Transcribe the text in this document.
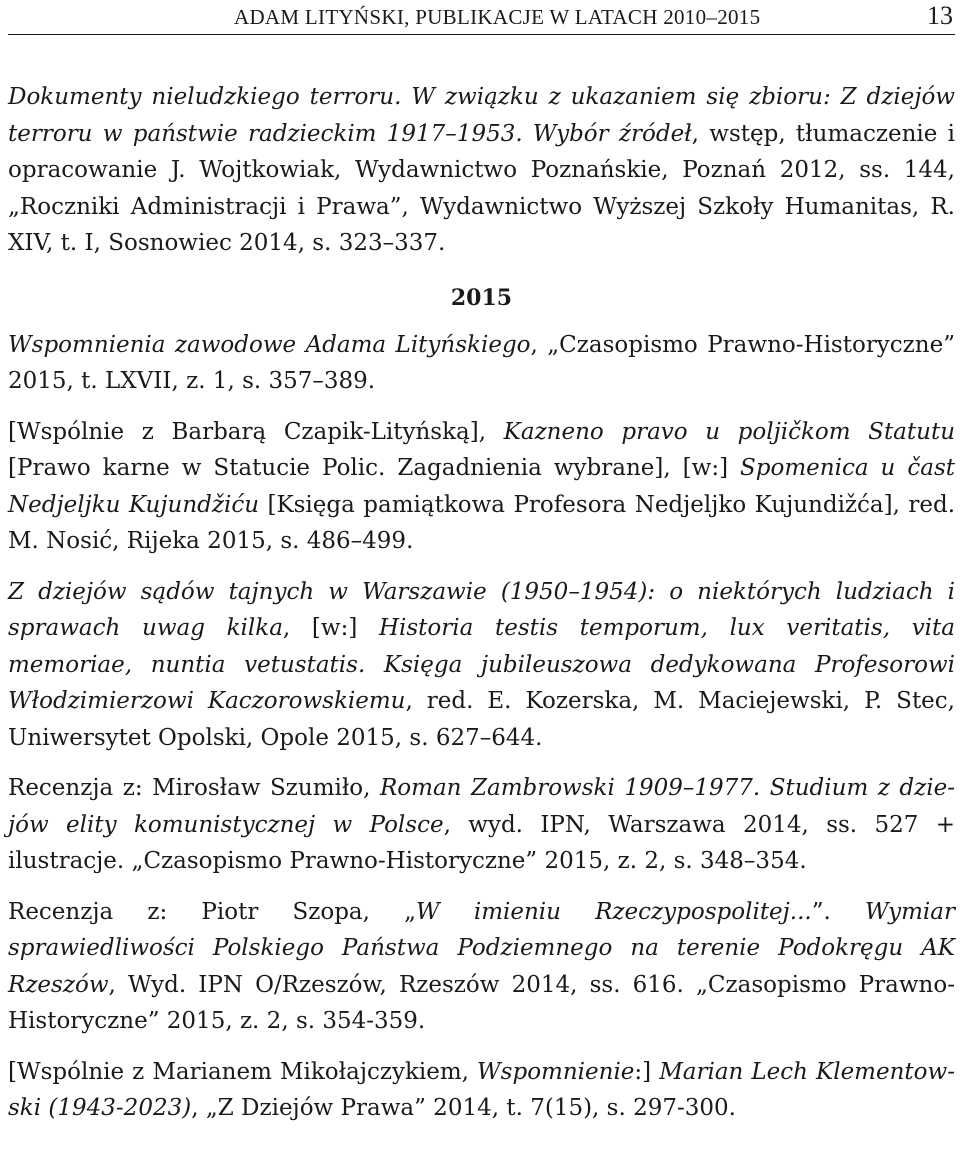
ADAM LITYŃSKI, PUBLIKACJE W LATACH 2010–2015	13

Dokumenty nieludzkiego terroru. W związku z ukazaniem się zbioru: Z dziejów terroru w państwie radzieckim 1917–1953. Wybór źródeł, wstęp, tłumaczenie i opracowanie J. Wojtkowiak, Wydawnictwo Poznańskie, Poznań 2012, ss. 144, „Roczniki Administracji i Prawa”, Wydawnictwo Wyższej Szkoły Humanitas, R. XIV, t. I, Sosnowiec 2014, s. 323–337.

2015

Wspomnienia zawodowe Adama Lityńskiego, „Czasopismo Prawno-Historyczne” 2015, t. LXVII, z. 1, s. 357–389.

[Wspólnie z Barbarą Czapik-Lityńską], Kazneno pravo u poljičkom Statutu [Prawo karne w Statucie Polic. Zagadnienia wybrane], [w:] Spomenica u čast Nedjeljku Kujundžiću [Księga pamiątkowa Profesora Nedjeljko Kujundižća], red. M. Nosić, Rijeka 2015, s. 486–499.

Z dziejów sądów tajnych w Warszawie (1950–1954): o niektórych ludziach i sprawach uwag kilka, [w:] Historia testis temporum, lux veritatis, vita memoriae, nuntia vetustatis. Księga jubileuszowa dedykowana Profesorowi Włodzimierzowi Kaczorowskiemu, red. E. Kozerska, M. Maciejewski, P. Stec, Uniwersytet Opolski, Opole 2015, s. 627–644.

Recenzja z: Mirosław Szumiło, Roman Zambrowski 1909–1977. Studium z dziejów elity komunistycznej w Polsce, wyd. IPN, Warszawa 2014, ss. 527 + ilustracje. „Czasopismo Prawno-Historyczne” 2015, z. 2, s. 348–354.

Recenzja z: Piotr Szopa, „W imieniu Rzeczypospolitej...”. Wymiar sprawiedliwości Polskiego Państwa Podziemnego na terenie Podokręgu AK Rzeszów, Wyd. IPN O/Rzeszów, Rzeszów 2014, ss. 616. „Czasopismo Prawno-Historyczne” 2015, z. 2, s. 354-359.

[Wspólnie z Marianem Mikołajczykiem, Wspomnienie:] Marian Lech Klementowski (1943-2023), „Z Dziejów Prawa” 2014, t. 7(15), s. 297-300.
